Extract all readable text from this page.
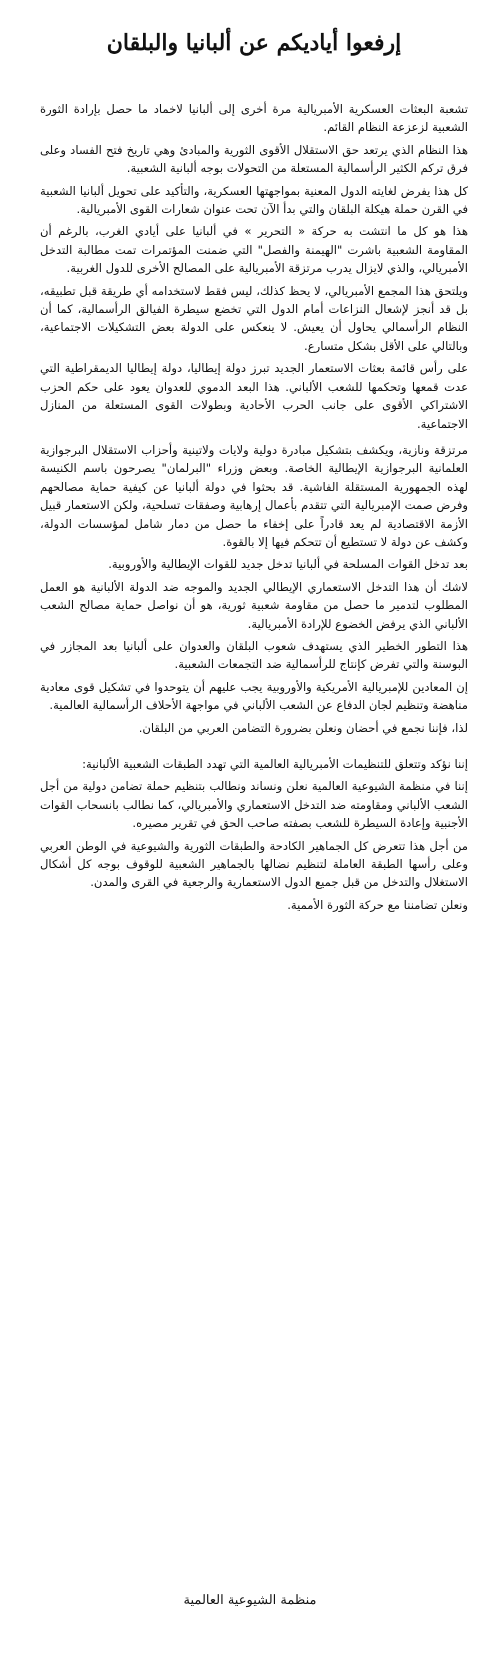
إرفعوا أياديكم عن ألبانيا والبلقان

تشعبة البعثات العسكرية الأمبريالية مرة أخرى إلى ألبانيا لاخماد ما حصل بإرادة الثورة الشعبية لزعزعة النظام القائم.

هذا النظام الذي يرتعد حق الاستقلال الأقوى الثورية والمبادئ وهي تاريخ فتح الفساد وعلى فرق تركم الكثير الرأسمالية المستعلة من التحولات بوجه ألبانية الشعبية.

كل هذا يفرض لغايته الدول المعنية بمواجهتها العسكرية، والتأكيد على تحويل ألبانيا الشعبية في القرن حملة هيكلة البلقان والتي بدأ الآن تحت عنوان شعارات القوى الأمبريالية.

هذا هو كل ما انتشت به حركة « التحرير » في ألبانيا على أيادي الغرب، بالرغم أن المقاومة الشعبية باشرت "الهيمنة والفصل" التي ضمنت المؤتمرات تمت مطالبة التدخل الأمبريالي، والذي لايزال يدرب مرتزقة الأمبريالية على المصالح الأخرى للدول الغربية.

ويلتحق هذا المجمع الأمبريالي، لا يحظ كذلك، ليس فقط لاستخدامه أي طريقة قبل تطبيقه، بل قد أنجز لإشعال النزاعات أمام الدول التي تخضع سيطرة الفيالق الرأسمالية، كما أن النظام الرأسمالي يحاول أن يعيش. لا ينعكس على الدولة بعض التشكيلات الاجتماعية، وبالتالي على الأقل بشكل متسارع.

على رأس قائمة بعثات الاستعمار الجديد تبرز دولة إيطاليا، دولة إيطاليا الديمقراطية التي عدت قمعها وتحكمها للشعب الألباني. هذا البعد الدموي للعدوان يعود على حكم الحزب الاشتراكي الأقوى على جانب الحرب الأحادية وبطولات القوى المستعلة من المنازل الاجتماعية.

مرتزقة ونازية، ويكشف بتشكيل مبادرة دولية ولايات ولاتينية وأحزاب الاستقلال البرجوازية العلمانية البرجوازية الإيطالية الخاصة. وبعض وزراء "البرلمان" يصرحون باسم الكنيسة لهذه الجمهورية المستقلة الفاشية. قد بحثوا في دولة ألبانيا عن كيفية حماية مصالحهم وفرض صمت الإمبريالية التي تتقدم بأعمال إرهابية وصفقات تسلحية، ولكن الاستعمار قبيل الأزمة الاقتصادية لم يعد قادراً على إخفاء ما حصل من دمار شامل لمؤسسات الدولة، وكشف عن دولة لا تستطيع أن تتحكم فيها إلا بالقوة.

بعد تدخل القوات المسلحة في ألبانيا تدخل جديد للقوات الإيطالية والأوروبية.

لاشك أن هذا التدخل الاستعماري الإيطالي الجديد والموجه ضد الدولة الألبانية هو العمل المطلوب لتدمير ما حصل من مقاومة شعبية ثورية، هو أن نواصل حماية مصالح الشعب الألباني الذي يرفض الخضوع للإرادة الأمبريالية.

هذا التطور الخطير الذي يستهدف شعوب البلقان والعدوان على ألبانيا بعد المجازر في البوسنة والتي تفرض كإنتاج للرأسمالية ضد التجمعات الشعبية.

إن المعادين للإمبريالية الأمريكية والأوروبية يجب عليهم أن يتوحدوا في تشكيل قوى معادية مناهضة وتنظيم لجان الدفاع عن الشعب الألباني في مواجهة الأحلاف الرأسمالية العالمية.

لذا، فإننا نجمع في أحضان ونعلن بضرورة التضامن العربي من البلقان.

إننا نؤكد وتتعلق للتنظيمات الأمبريالية العالمية التي تهدد الطبقات الشعبية الألبانية:

إننا في منظمة الشيوعية العالمية نعلن ونساند ونطالب بتنظيم حملة تضامن دولية من أجل الشعب الألباني ومقاومته ضد التدخل الاستعماري والأمبريالي، كما نطالب بانسحاب القوات الأجنبية وإعادة السيطرة للشعب بصفته صاحب الحق في تقرير مصيره.

من أجل هذا تتعرض كل الجماهير الكادحة والطبقات الثورية والشيوعية في الوطن العربي وعلى رأسها الطبقة العاملة لتنظيم نضالها بالجماهير الشعبية للوقوف بوجه كل أشكال الاستغلال والتدخل من قبل جميع الدول الاستعمارية والرجعية في القرى والمدن.

ونعلن تضامننا مع حركة الثورة الأممية.

منظمة الشيوعية العالمية
